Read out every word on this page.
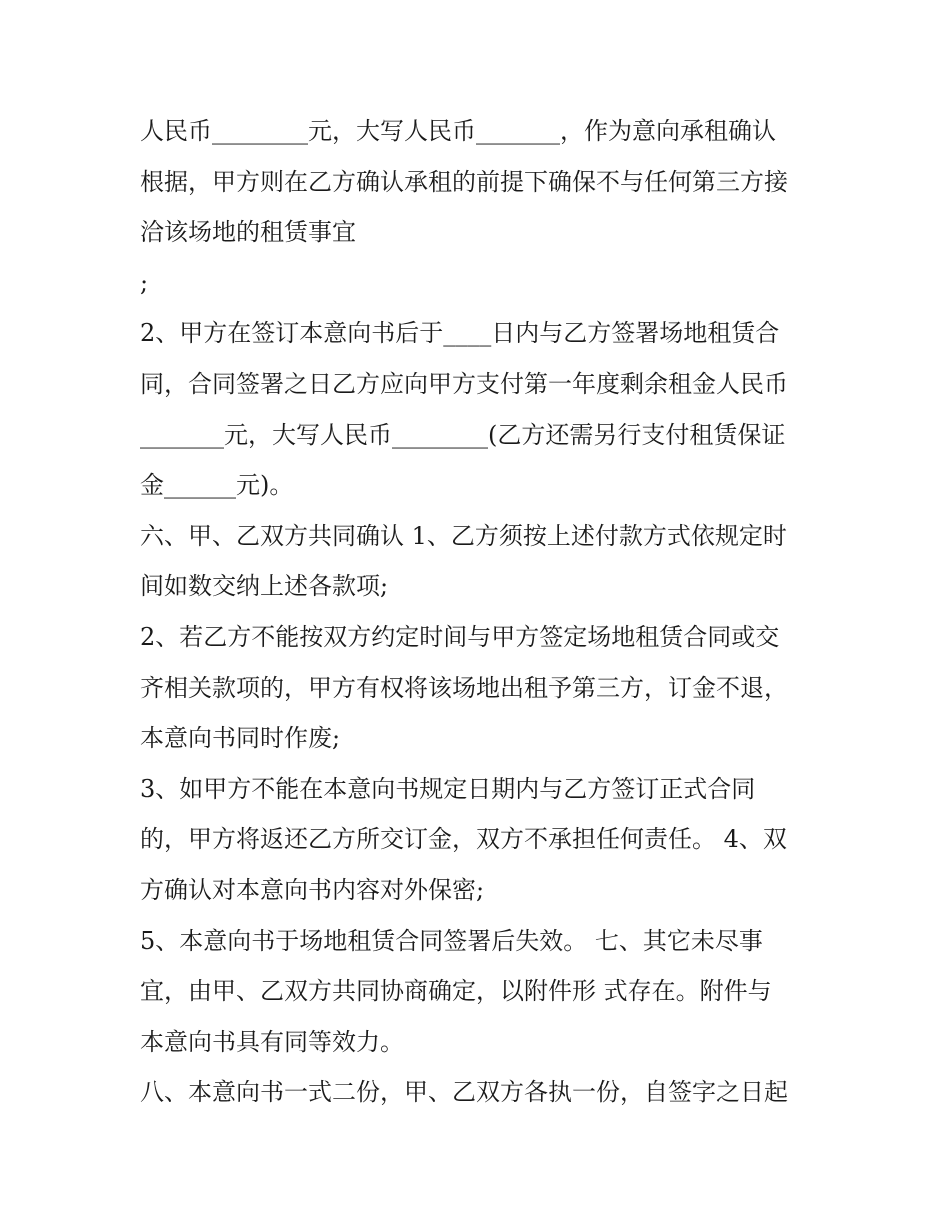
人民币________元，大写人民币_______，作为意向承租确认
根据，甲方则在乙方确认承租的前提下确保不与任何第三方接
洽该场地的租赁事宜
;
2、甲方在签订本意向书后于____日内与乙方签署场地租赁合
同，合同签署之日乙方应向甲方支付第一年度剩余租金人民币
_______元，大写人民币________(乙方还需另行支付租赁保证
金______元)。
六、甲、乙双方共同确认 1、乙方须按上述付款方式依规定时
间如数交纳上述各款项;
2、若乙方不能按双方约定时间与甲方签定场地租赁合同或交
齐相关款项的，甲方有权将该场地出租予第三方，订金不退，
本意向书同时作废;
3、如甲方不能在本意向书规定日期内与乙方签订正式合同
的，甲方将返还乙方所交订金，双方不承担任何责任。 4、双
方确认对本意向书内容对外保密;
5、本意向书于场地租赁合同签署后失效。 七、其它未尽事
宜，由甲、乙双方共同协商确定，以附件形 式存在。附件与
本意向书具有同等效力。
八、本意向书一式二份，甲、乙双方各执一份，自签字之日起
